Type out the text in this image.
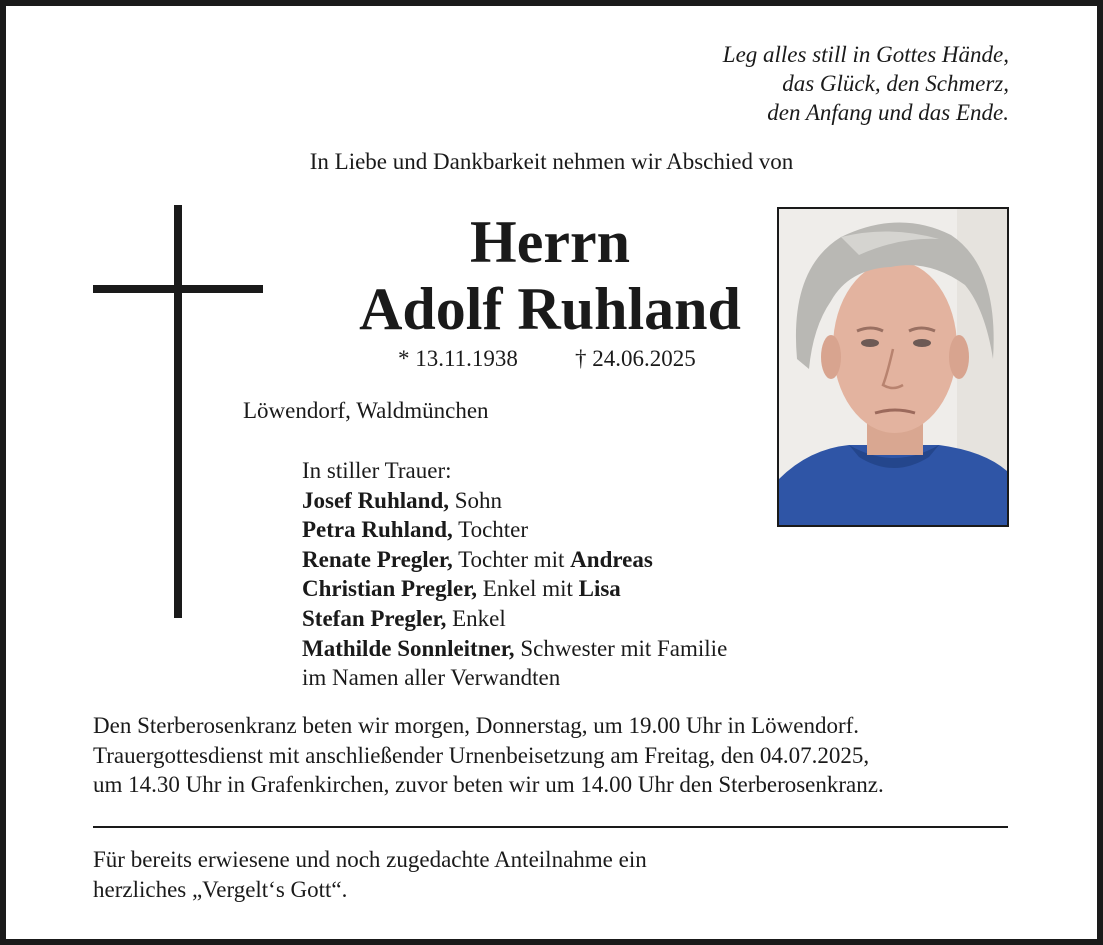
Leg alles still in Gottes Hände,
das Glück, den Schmerz,
den Anfang und das Ende.
In Liebe und Dankbarkeit nehmen wir Abschied von
Herrn
Adolf Ruhland
* 13.11.1938 † 24.06.2025
Löwendorf, Waldmünchen
In stiller Trauer:
Josef Ruhland, Sohn
Petra Ruhland, Tochter
Renate Pregler, Tochter mit Andreas
Christian Pregler, Enkel mit Lisa
Stefan Pregler, Enkel
Mathilde Sonnleitner, Schwester mit Familie
im Namen aller Verwandten
Den Sterberosenkranz beten wir morgen, Donnerstag, um 19.00 Uhr in Löwendorf.
Trauergottesdienst mit anschließender Urnenbeisetzung am Freitag, den 04.07.2025,
um 14.30 Uhr in Grafenkirchen, zuvor beten wir um 14.00 Uhr den Sterberosenkranz.
Für bereits erwiesene und noch zugedachte Anteilnahme ein
herzliches „Vergelt‘s Gott“.
